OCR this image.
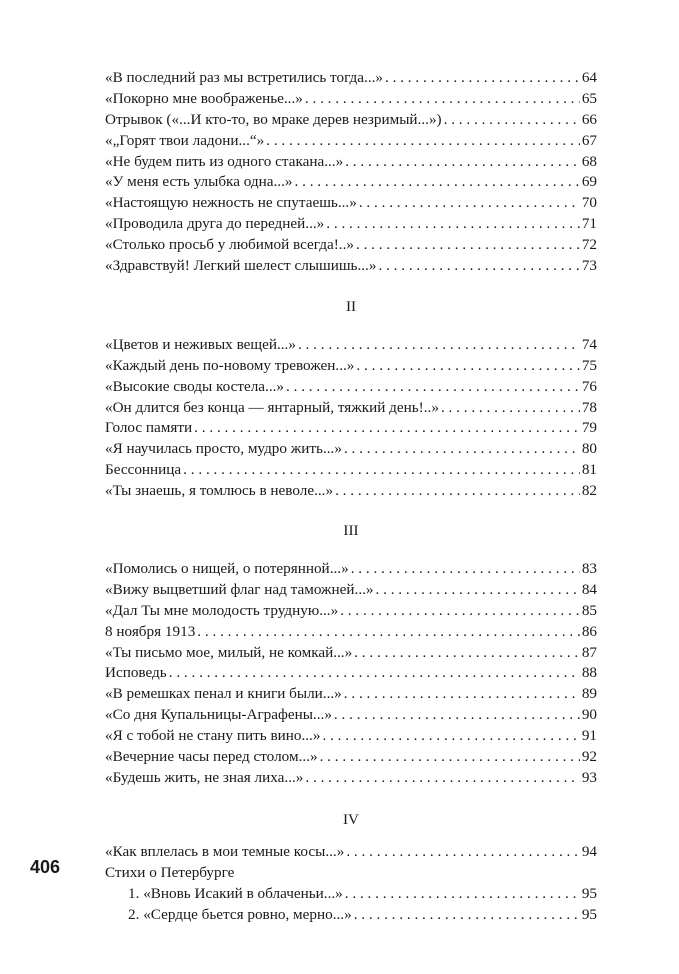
406
«В последний раз мы встретились тогда...» . . .	64
«Покорно мне воображенье...» . . .	65
Отрывок («...И кто-то, во мраке дерев незримый...») . . .	66
«„Горят твои ладони...“» . . .	67
«Не будем пить из одного стакана...» . . .	68
«У меня есть улыбка одна...» . . .	69
«Настоящую нежность не спутаешь...» . . .	70
«Проводила друга до передней...» . . .	71
«Столько просьб у любимой всегда!..» . . .	72
«Здравствуй! Легкий шелест слышишь...» . . .	73
II
«Цветов и неживых вещей...» . . .	74
«Каждый день по-новому тревожен...» . . .	75
«Высокие своды костела...» . . .	76
«Он длится без конца — янтарный, тяжкий день!..» . . .	78
Голос памяти . . .	79
«Я научилась просто, мудро жить...» . . .	80
Бессонница . . .	81
«Ты знаешь, я томлюсь в неволе...» . . .	82
III
«Помолись о нищей, о потерянной...» . . .	83
«Вижу выцветший флаг над таможней...» . . .	84
«Дал Ты мне молодость трудную...» . . .	85
8 ноября 1913 . . .	86
«Ты письмо мое, милый, не комкай...» . . .	87
Исповедь . . .	88
«В ремешках пенал и книги были...» . . .	89
«Со дня Купальницы-Аграфены...» . . .	90
«Я с тобой не стану пить вино...» . . .	91
«Вечерние часы перед столом...» . . .	92
«Будешь жить, не зная лиха...» . . .	93
IV
«Как вплелась в мои темные косы...» . . .	94
Стихи о Петербурге
1. «Вновь Исакий в облаченьи...» . . .	95
2. «Сердце бьется ровно, мерно...» . . .	95
